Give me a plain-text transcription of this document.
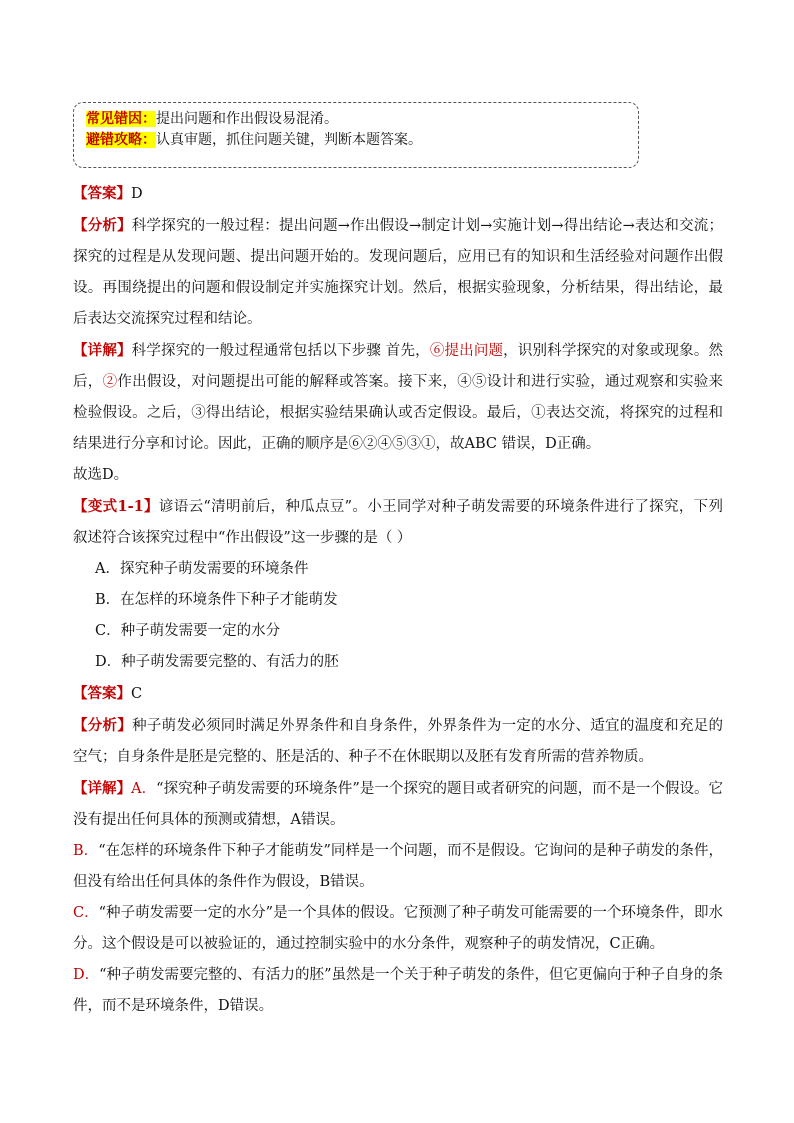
常见错因：提出问题和作出假设易混淆。
避错攻略：认真审题，抓住问题关键，判断本题答案。

【答案】D

【分析】科学探究的一般过程：提出问题→作出假设→制定计划→实施计划→得出结论→表达和交流；探究的过程是从发现问题、提出问题开始的。发现问题后，应用已有的知识和生活经验对问题作出假设。再围绕提出的问题和假设制定并实施探究计划。然后，根据实验现象，分析结果，得出结论，最后表达交流探究过程和结论。

【详解】科学探究的一般过程通常包括以下步骤 首先，⑥提出问题，识别科学探究的对象或现象。然后，②作出假设，对问题提出可能的解释或答案。接下来，④⑤设计和进行实验，通过观察和实验来检验假设。之后，③得出结论，根据实验结果确认或否定假设。最后，①表达交流，将探究的过程和结果进行分享和讨论。因此，正确的顺序是⑥②④⑤③①，故ABC 错误，D正确。

故选D。

【变式1-1】谚语云“清明前后，种瓜点豆”。小王同学对种子萌发需要的环境条件进行了探究，下列叙述符合该探究过程中“作出假设”这一步骤的是（ ）

A．探究种子萌发需要的环境条件

B．在怎样的环境条件下种子才能萌发

C．种子萌发需要一定的水分

D．种子萌发需要完整的、有活力的胚

【答案】C

【分析】种子萌发必须同时满足外界条件和自身条件，外界条件为一定的水分、适宜的温度和充足的空气；自身条件是胚是完整的、胚是活的、种子不在休眠期以及胚有发育所需的营养物质。

【详解】A．“探究种子萌发需要的环境条件”是一个探究的题目或者研究的问题，而不是一个假设。它没有提出任何具体的预测或猜想，A错误。

B．“在怎样的环境条件下种子才能萌发”同样是一个问题，而不是假设。它询问的是种子萌发的条件，但没有给出任何具体的条件作为假设，B错误。

C．“种子萌发需要一定的水分”是一个具体的假设。它预测了种子萌发可能需要的一个环境条件，即水分。这个假设是可以被验证的，通过控制实验中的水分条件，观察种子的萌发情况，C正确。

D．“种子萌发需要完整的、有活力的胚”虽然是一个关于种子萌发的条件，但它更偏向于种子自身的条件，而不是环境条件，D错误。
